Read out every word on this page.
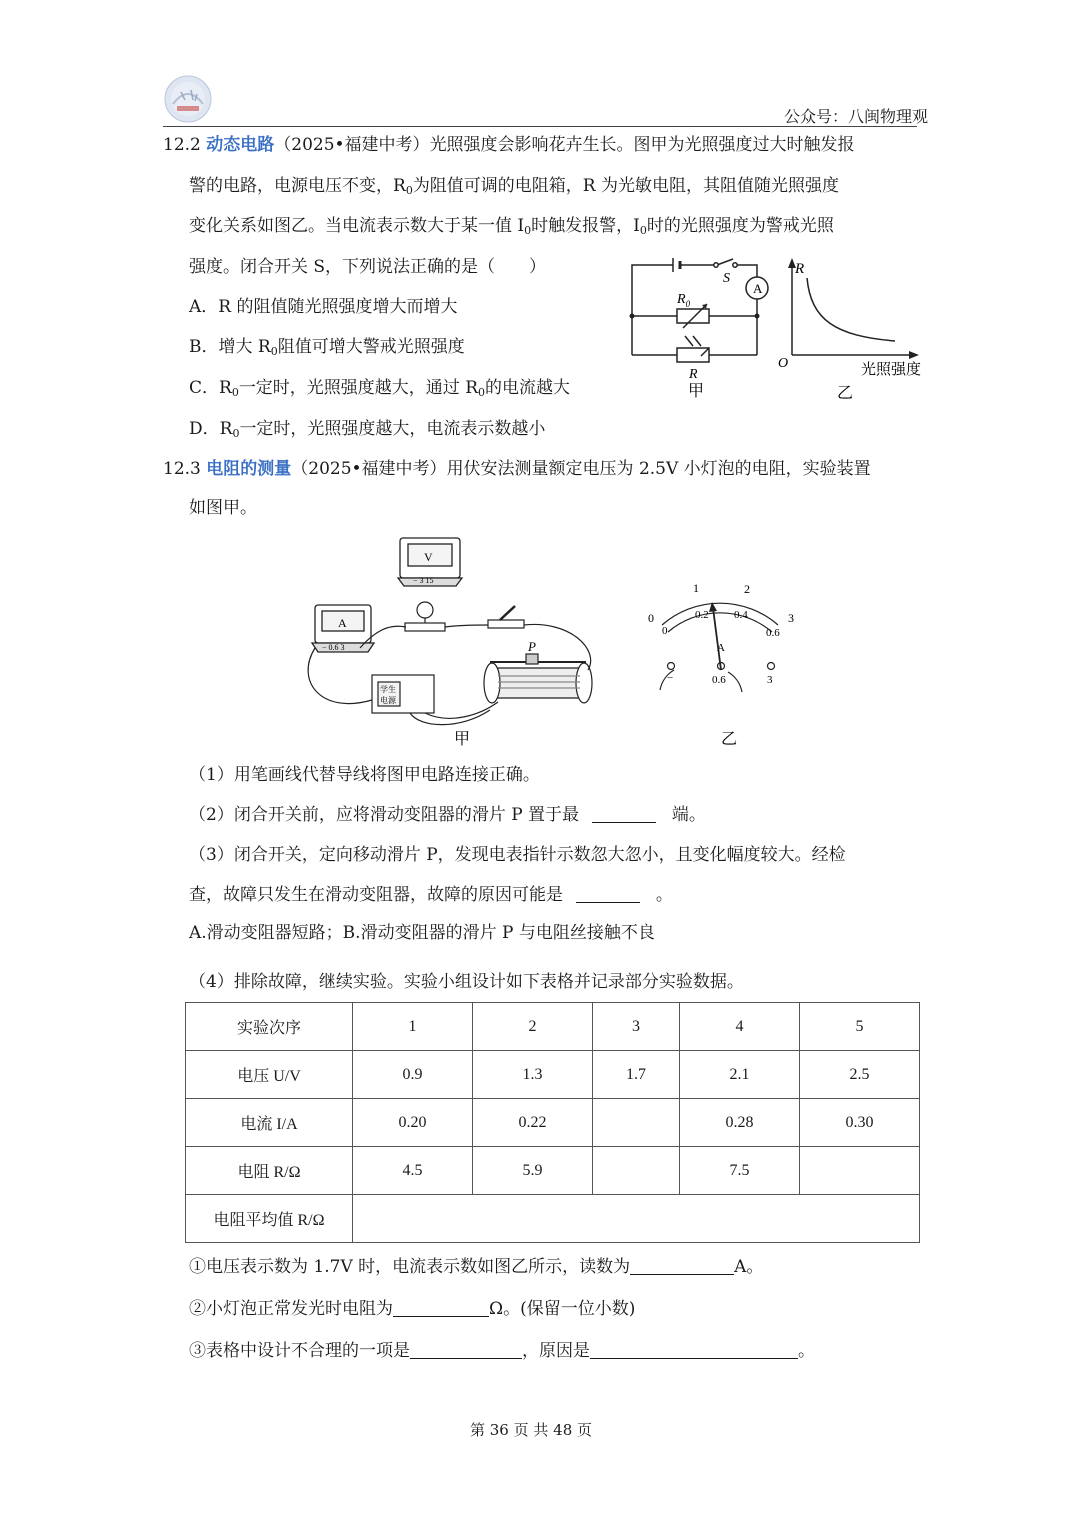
公众号：八闽物理观
12.2 动态电路（2025•福建中考）光照强度会影响花卉生长。图甲为光照强度过大时触发报
警的电路，电源电压不变，$R_0$为阻值可调的电阻箱，R 为光敏电阻，其阻值随光照强度
变化关系如图乙。当电流表示数大于某一值 $I_0$时触发报警，$I_0$时的光照强度为警戒光照
强度。闭合开关 S，下列说法正确的是（　　）
A．R 的阻值随光照强度增大而增大
B．增大 $R_0$阻值可增大警戒光照强度
C．$R_0$一定时，光照强度越大，通过 $R_0$的电流越大
D．$R_0$一定时，光照强度越大，电流表示数越小
A
S
$R_0$
R
甲
R
O	光照强度
乙
12.3 电阻的测量（2025•福建中考）用伏安法测量额定电压为 2.5V 小灯泡的电阻，实验装置
如图甲。
V
− 3 15
A
− 0.6 3
学生
电源
P
甲
0
1	2
3
0
0.2 0.4
0.6
A
−	0.6	3
乙
（1）用笔画线代替导线将图甲电路连接正确。
（2）闭合开关前，应将滑动变阻器的滑片 P 置于最	端。
（3）闭合开关，定向移动滑片 P，发现电表指针示数忽大忽小，且变化幅度较大。经检
查，故障只发生在滑动变阻器，故障的原因可能是	。
A.滑动变阻器短路；B.滑动变阻器的滑片 P 与电阻丝接触不良
（4）排除故障，继续实验。实验小组设计如下表格并记录部分实验数据。
实验次序	1	2	3	4	5
电压 U/V	0.9	1.3	1.7	2.1	2.5
电流 I/A	0.20	0.22		0.28	0.30
电阻 R/Ω	4.5	5.9		7.5	
电阻平均值 R/Ω					
①电压表示数为 1.7V 时，电流表示数如图乙所示，读数为	A。
②小灯泡正常发光时电阻为	Ω。(保留一位小数)
③表格中设计不合理的一项是	，原因是	。
第 36 页 共 48 页
